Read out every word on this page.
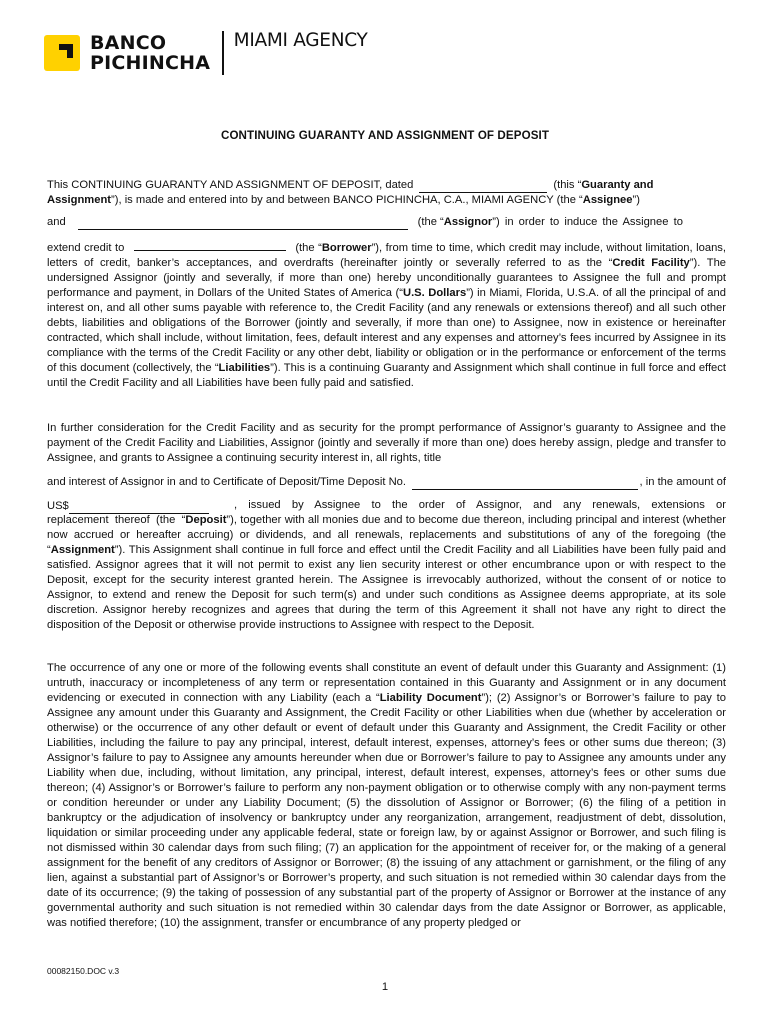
BANCO
PICHINCHA
MIAMI AGENCY
CONTINUING GUARANTY AND ASSIGNMENT OF DEPOSIT
This CONTINUING GUARANTY AND ASSIGNMENT OF DEPOSIT, dated	(this “ Guaranty and
Assignment”), is made and entered into by and between BANCO PICHINCHA, C.A., MIAMI AGENCY (the “Assignee”)
and	(the “ Assignor ”) in order to induce the Assignee to
extend credit to	(the “Borrower”), from time to time, which credit may include, without limitation, loans, letters of credit, banker’s acceptances, and overdrafts (hereinafter jointly or severally referred to as the “Credit Facility”). The undersigned Assignor (jointly and severally, if more than one) hereby unconditionally guarantees to Assignee the full and prompt performance and payment, in Dollars of the United States of America (“U.S. Dollars”) in Miami, Florida, U.S.A. of all the principal of and interest on, and all other sums payable with reference to, the Credit Facility (and any renewals or extensions thereof) and all such other debts, liabilities and obligations of the Borrower (jointly and severally, if more than one) to Assignee, now in existence or hereinafter contracted, which shall include, without limitation, fees, default interest and any expenses and attorney’s fees incurred by Assignee in its compliance with the terms of the Credit Facility or any other debt, liability or obligation or in the performance or enforcement of the terms of this document (collectively, the “Liabilities”). This is a continuing Guaranty and Assignment which shall continue in full force and effect until the Credit Facility and all Liabilities have been fully paid and satisfied.
In further consideration for the Credit Facility and as security for the prompt performance of Assignor’s guaranty to Assignee and the payment of the Credit Facility and Liabilities, Assignor (jointly and severally if more than one) does hereby assign, pledge and transfer to Assignee, and grants to Assignee a continuing security interest in, all rights, title
and interest of Assignor in and to Certificate of Deposit/Time Deposit No.	, in the amount of
US$	, issued by Assignee to the order of Assignor, and any renewals, extensions or replacement thereof (the “Deposit”), together with all monies due and to become due thereon, including principal and interest (whether now accrued or hereafter accruing) or dividends, and all renewals, replacements and substitutions of any of the foregoing (the “Assignment”). This Assignment shall continue in full force and effect until the Credit Facility and all Liabilities have been fully paid and satisfied. Assignor agrees that it will not permit to exist any lien security interest or other encumbrance upon or with respect to the Deposit, except for the security interest granted herein. The Assignee is irrevocably authorized, without the consent of or notice to Assignor, to extend and renew the Deposit for such term(s) and under such conditions as Assignee deems appropriate, at its sole discretion. Assignor hereby recognizes and agrees that during the term of this Agreement it shall not have any right to direct the disposition of the Deposit or otherwise provide instructions to Assignee with respect to the Deposit.
The occurrence of any one or more of the following events shall constitute an event of default under this Guaranty and Assignment: (1) untruth, inaccuracy or incompleteness of any term or representation contained in this Guaranty and Assignment or in any document evidencing or executed in connection with any Liability (each a “Liability Document”); (2) Assignor’s or Borrower’s failure to pay to Assignee any amount under this Guaranty and Assignment, the Credit Facility or other Liabilities when due (whether by acceleration or otherwise) or the occurrence of any other default or event of default under this Guaranty and Assignment, the Credit Facility or other Liabilities, including the failure to pay any principal, interest, default interest, expenses, attorney’s fees or other sums due thereon; (3) Assignor’s failure to pay to Assignee any amounts hereunder when due or Borrower’s failure to pay to Assignee any amounts under any Liability when due, including, without limitation, any principal, interest, default interest, expenses, attorney’s fees or other sums due thereon; (4) Assignor’s or Borrower’s failure to perform any non-payment obligation or to otherwise comply with any non-payment terms or condition hereunder or under any Liability Document; (5) the dissolution of Assignor or Borrower; (6) the filing of a petition in bankruptcy or the adjudication of insolvency or bankruptcy under any reorganization, arrangement, readjustment of debt, dissolution, liquidation or similar proceeding under any applicable federal, state or foreign law, by or against Assignor or Borrower, and such filing is not dismissed within 30 calendar days from such filing; (7) an application for the appointment of receiver for, or the making of a general assignment for the benefit of any creditors of Assignor or Borrower; (8) the issuing of any attachment or garnishment, or the filing of any lien, against a substantial part of Assignor’s or Borrower’s property, and such situation is not remedied within 30 calendar days from the date of its occurrence; (9) the taking of possession of any substantial part of the property of Assignor or Borrower at the instance of any governmental authority and such situation is not remedied within 30 calendar days from the date Assignor or Borrower, as applicable, was notified therefore; (10) the assignment, transfer or encumbrance of any property pledged or
00082150.DOC v.3
1
